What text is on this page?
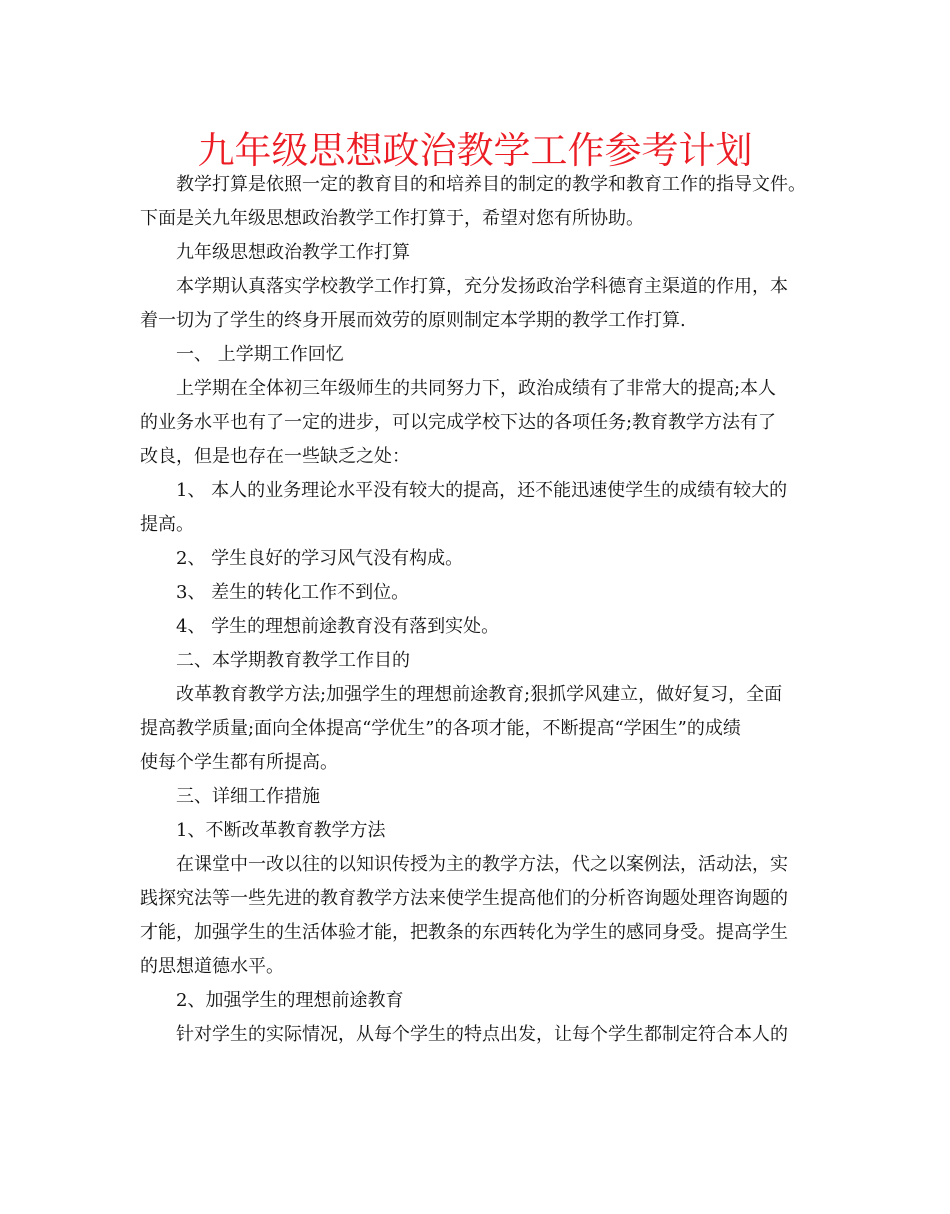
九年级思想政治教学工作参考计划
教学打算是依照一定的教育目的和培养目的制定的教学和教育工作的指导文件。
下面是关九年级思想政治教学工作打算于，希望对您有所协助。
九年级思想政治教学工作打算
本学期认真落实学校教学工作打算，充分发扬政治学科德育主渠道的作用，本
着一切为了学生的终身开展而效劳的原则制定本学期的教学工作打算.
一、 上学期工作回忆
上学期在全体初三年级师生的共同努力下，政治成绩有了非常大的提高;本人
的业务水平也有了一定的进步，可以完成学校下达的各项任务;教育教学方法有了
改良，但是也存在一些缺乏之处：
1、 本人的业务理论水平没有较大的提高，还不能迅速使学生的成绩有较大的
提高。
2、 学生良好的学习风气没有构成。
3、 差生的转化工作不到位。
4、 学生的理想前途教育没有落到实处。
二、本学期教育教学工作目的
改革教育教学方法;加强学生的理想前途教育;狠抓学风建立，做好复习，全面
提高教学质量;面向全体提高“学优生”的各项才能，不断提高“学困生”的成绩
使每个学生都有所提高。
三、详细工作措施
1、不断改革教育教学方法
在课堂中一改以往的以知识传授为主的教学方法，代之以案例法，活动法，实
践探究法等一些先进的教育教学方法来使学生提高他们的分析咨询题处理咨询题的
才能，加强学生的生活体验才能，把教条的东西转化为学生的感同身受。提高学生
的思想道德水平。
2、加强学生的理想前途教育
针对学生的实际情况，从每个学生的特点出发，让每个学生都制定符合本人的
